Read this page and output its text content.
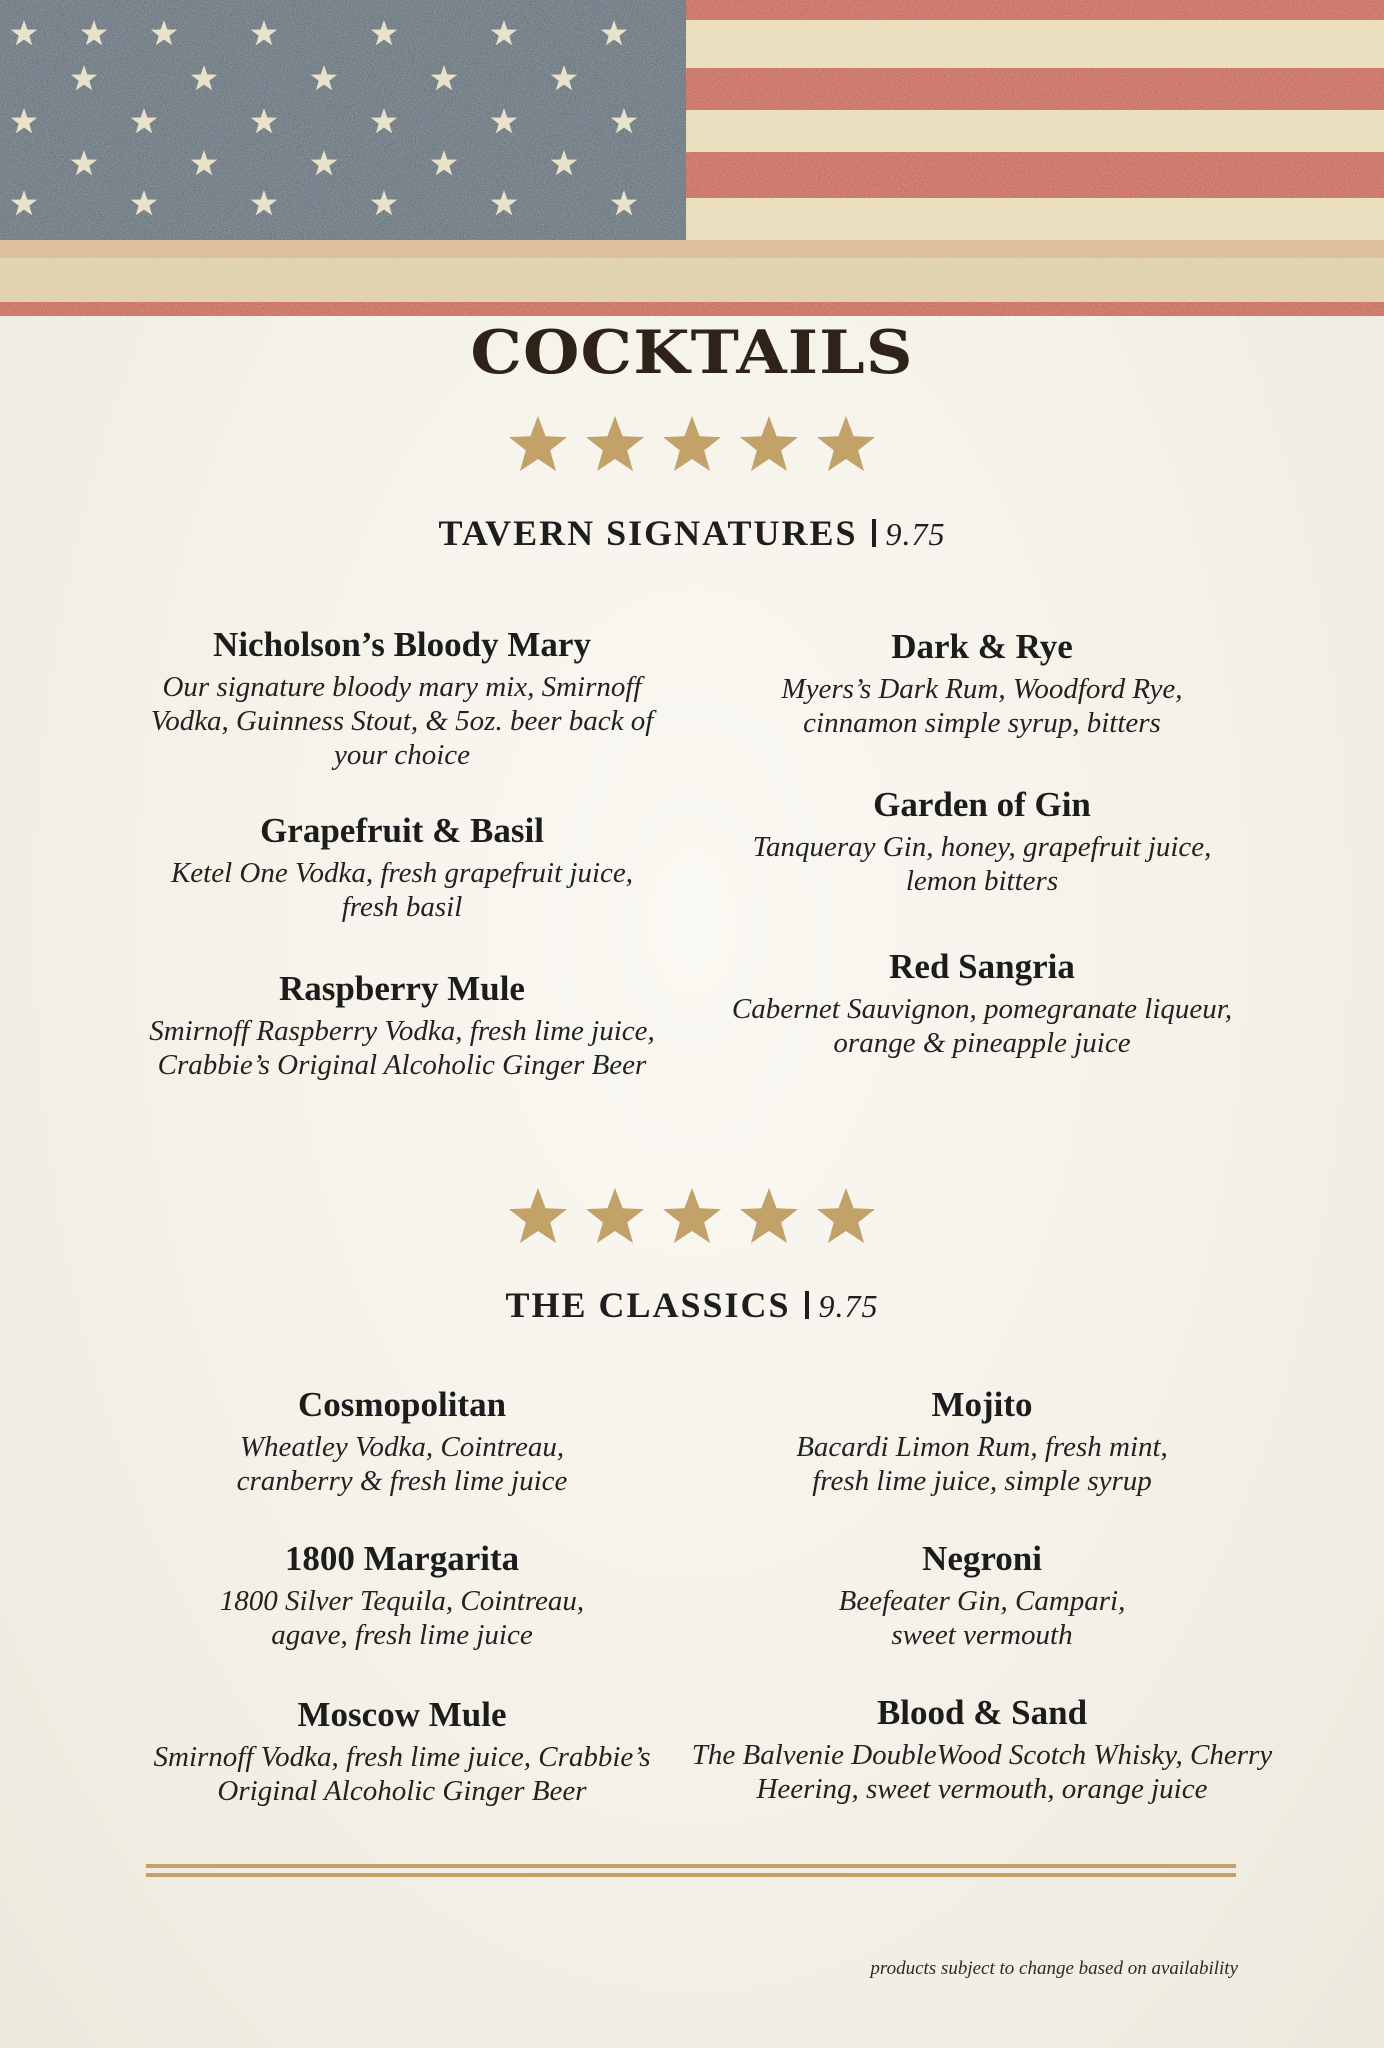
COCKTAILS
TAVERN SIGNATURES 9.75
Nicholson’s Bloody Mary
Our signature bloody mary mix, Smirnoff Vodka, Guinness Stout, & 5oz. beer back of your choice
Grapefruit & Basil
Ketel One Vodka, fresh grapefruit juice, fresh basil
Raspberry Mule
Smirnoff Raspberry Vodka, fresh lime juice, Crabbie’s Original Alcoholic Ginger Beer
Dark & Rye
Myers’s Dark Rum, Woodford Rye, cinnamon simple syrup, bitters
Garden of Gin
Tanqueray Gin, honey, grapefruit juice, lemon bitters
Red Sangria
Cabernet Sauvignon, pomegranate liqueur, orange & pineapple juice
THE CLASSICS 9.75
Cosmopolitan
Wheatley Vodka, Cointreau, cranberry & fresh lime juice
1800 Margarita
1800 Silver Tequila, Cointreau, agave, fresh lime juice
Moscow Mule
Smirnoff Vodka, fresh lime juice, Crabbie’s Original Alcoholic Ginger Beer
Mojito
Bacardi Limon Rum, fresh mint, fresh lime juice, simple syrup
Negroni
Beefeater Gin, Campari, sweet vermouth
Blood & Sand
The Balvenie DoubleWood Scotch Whisky, Cherry Heering, sweet vermouth, orange juice
products subject to change based on availability
